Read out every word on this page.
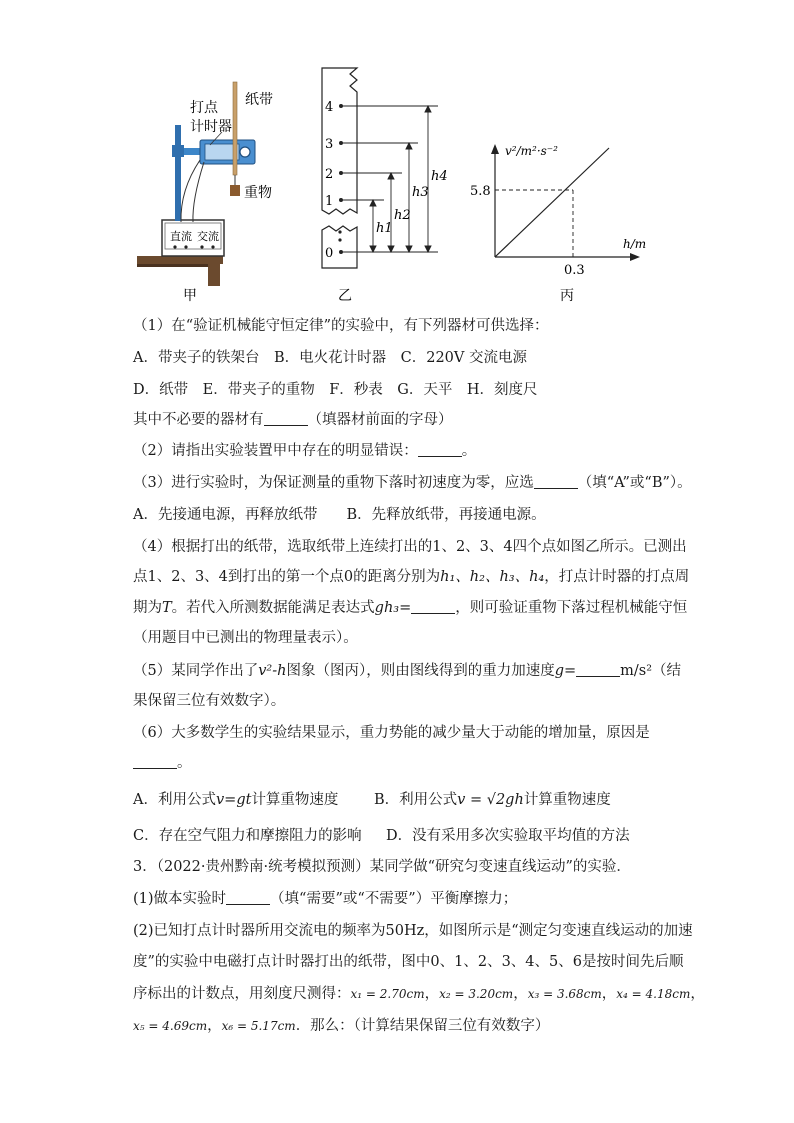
直流 交流
打点
计时器
纸带
重物
甲
4
3
2
1
0
h1
h2
h3
h4
乙
5.8
0.3
v²/m²·s⁻²
h/m
丙
（1）在“验证机械能守恒定律”的实验中，有下列器材可供选择：
A．带夹子的铁架台　B．电火花计时器　C．220V 交流电源
D．纸带　E．带夹子的重物　F．秒表　G．天平　H．刻度尺
其中不必要的器材有	（填器材前面的字母）
（2）请指出实验装置甲中存在的明显错误：	。
（3）进行实验时，为保证测量的重物下落时初速度为零，应选	（填“A”或“B”）。
A．先接通电源，再释放纸带　　B．先释放纸带，再接通电源。
（4）根据打出的纸带，选取纸带上连续打出的1、2、3、4四个点如图乙所示。已测出
点1、2、3、4到打出的第一个点0的距离分别为h₁、h₂、h₃、h₄，打点计时器的打点周
期为T。若代入所测数据能满足表达式gh₃=	，则可验证重物下落过程机械能守恒
（用题目中已测出的物理量表示）。
（5）某同学作出了v²-h图象（图丙），则由图线得到的重力加速度g=	m/s²（结
果保留三位有效数字）。
（6）大多数学生的实验结果显示，重力势能的减少量大于动能的增加量，原因是
。
A．利用公式v=gt计算重物速度 B．利用公式v = √2gh计算重物速度
C．存在空气阻力和摩擦阻力的影响 D．没有采用多次实验取平均值的方法
3．（2022·贵州黔南·统考模拟预测）某同学做“研究匀变速直线运动”的实验．
(1)做本实验时	（填“需要”或“不需要”）平衡摩擦力；
(2)已知打点计时器所用交流电的频率为50Hz，如图所示是“测定匀变速直线运动的加速
度”的实验中电磁打点计时器打出的纸带，图中0、1、2、3、4、5、6是按时间先后顺
序标出的计数点，用刻度尺测得：x₁ = 2.70cm，x₂ = 3.20cm，x₃ = 3.68cm，x₄ = 4.18cm，
x₅ = 4.69cm，x₆ = 5.17cm．那么：（计算结果保留三位有效数字）
